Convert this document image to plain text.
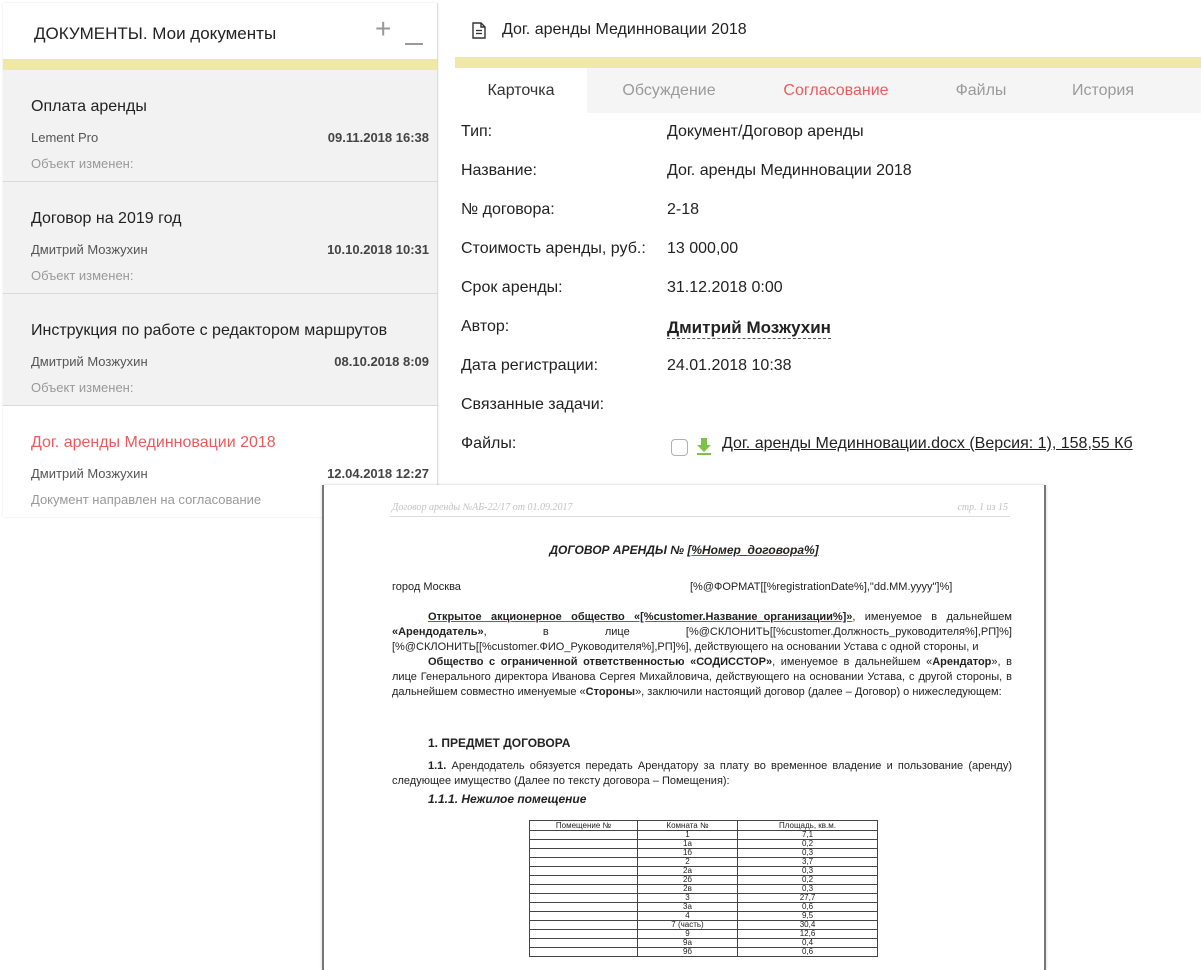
ДОКУМЕНТЫ. Мои документы	+
Оплата аренды
Lement Pro	09.11.2018 16:38
Объект изменен:
Договор на 2019 год
Дмитрий Мозжухин	10.10.2018 10:31
Объект изменен:
Инструкция по работе с редактором маршрутов
Дмитрий Мозжухин	08.10.2018 8:09
Объект изменен:
Дог. аренды Мединновации 2018
Дмитрий Мозжухин	12.04.2018 12:27
Документ направлен на согласование
Дог. аренды Мединновации 2018
Карточка	Обсуждение	Согласование	Файлы	История
Тип:	Документ/Договор аренды
Название:	Дог. аренды Мединновации 2018
№ договора:	2-18
Стоимость аренды, руб.: 13 000,00
Срок аренды:	31.12.2018 0:00
Автор:	Дмитрий Мозжухин
Дата регистрации:	24.01.2018 10:38
Связанные задачи:
Файлы:	Дог. аренды Мединновации.docx (Версия: 1), 158,55 Кб
Договор аренды №АБ-22/17 от 01.09.2017	стр. 1 из 15
ДОГОВОР АРЕНДЫ № [%Номер_договора%]
город Москва	[%@ФОРМАТ[[%registrationDate%],"dd.MM.yyyy"]%]
Открытое акционерное общество «[%customer.Название_организации%]», именуемое в дальнейшем «Арендодатель», в лице [%@СКЛОНИТЬ[[%customer.Должность_руководителя%],РП]%] [%@СКЛОНИТЬ[[%customer.ФИО_Руководителя%],РП]%], действующего на основании Устава с одной стороны, и
Общество с ограниченной ответственностью «СОДИССТОР», именуемое в дальнейшем «Арендатор», в лице Генерального директора Иванова Сергея Михайловича, действующего на основании Устава, с другой стороны, в дальнейшем совместно именуемые «Стороны», заключили настоящий договор (далее – Договор) о нижеследующем:
1. ПРЕДМЕТ ДОГОВОРА
1.1. Арендодатель обязуется передать Арендатору за плату во временное владение и пользование (аренду) следующее имущество (Далее по тексту договора – Помещения):
1.1.1. Нежилое помещение
Помещение №	Комната №	Площадь, кв.м.
	1	7,1
	1а	0,2
	1б	0,3
	2	3,7
	2а	0,3
	2б	0,2
	2в	0,3
	3	27,7
	3а	0,6
	4	9,5
	7 (часть)	30,4
	9	12,6
	9а	0,4
	9б	0,6
